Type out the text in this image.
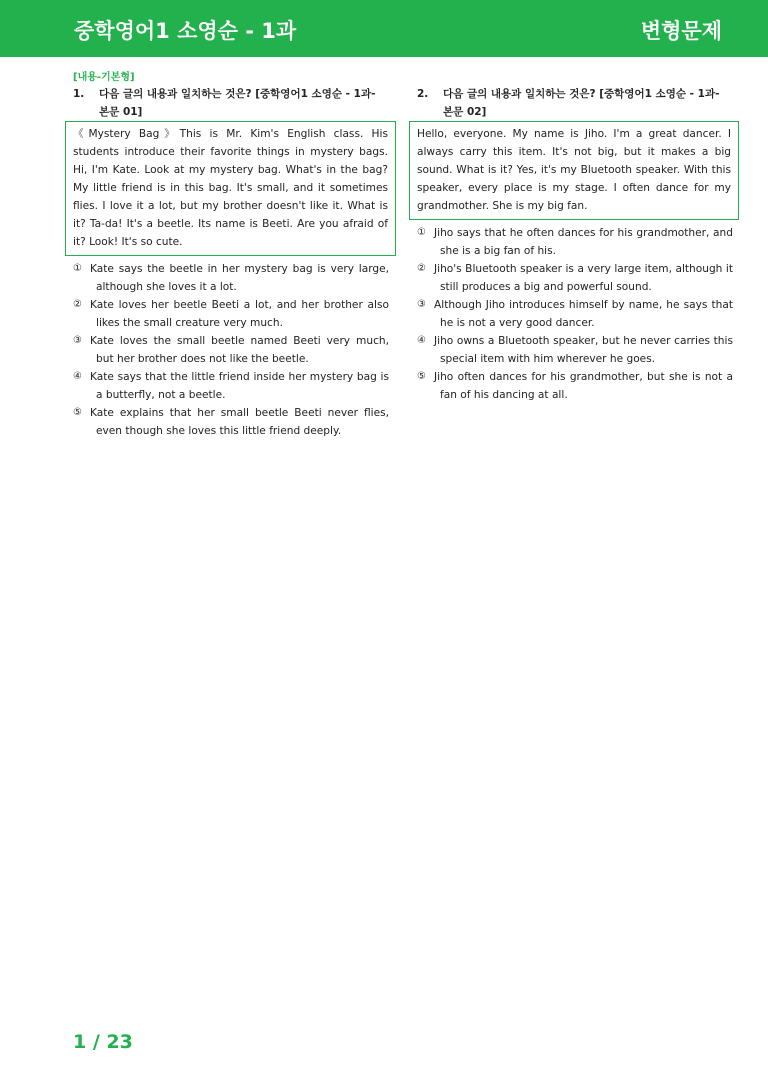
중학영어1 소영순 - 1과	변형문제
[내용-기본형]
1. 다음 글의 내용과 일치하는 것은? [중학영어1 소영순 - 1과-본문 01]
《Mystery Bag》This is Mr. Kim's English class. His students introduce their favorite things in mystery bags. Hi, I'm Kate. Look at my mystery bag. What's in the bag? My little friend is in this bag. It's small, and it sometimes flies. I love it a lot, but my brother doesn't like it. What is it? Ta-da! It's a beetle. Its name is Beeti. Are you afraid of it? Look! It's so cute.
① Kate says the beetle in her mystery bag is very large, although she loves it a lot.
② Kate loves her beetle Beeti a lot, and her brother also likes the small creature very much.
③ Kate loves the small beetle named Beeti very much, but her brother does not like the beetle.
④ Kate says that the little friend inside her mystery bag is a butterfly, not a beetle.
⑤ Kate explains that her small beetle Beeti never flies, even though she loves this little friend deeply.
2. 다음 글의 내용과 일치하는 것은? [중학영어1 소영순 - 1과-본문 02]
Hello, everyone. My name is Jiho. I'm a great dancer. I always carry this item. It's not big, but it makes a big sound. What is it? Yes, it's my Bluetooth speaker. With this speaker, every place is my stage. I often dance for my grandmother. She is my big fan.
① Jiho says that he often dances for his grandmother, and she is a big fan of his.
② Jiho's Bluetooth speaker is a very large item, although it still produces a big and powerful sound.
③ Although Jiho introduces himself by name, he says that he is not a very good dancer.
④ Jiho owns a Bluetooth speaker, but he never carries this special item with him wherever he goes.
⑤ Jiho often dances for his grandmother, but she is not a fan of his dancing at all.
1 / 23
